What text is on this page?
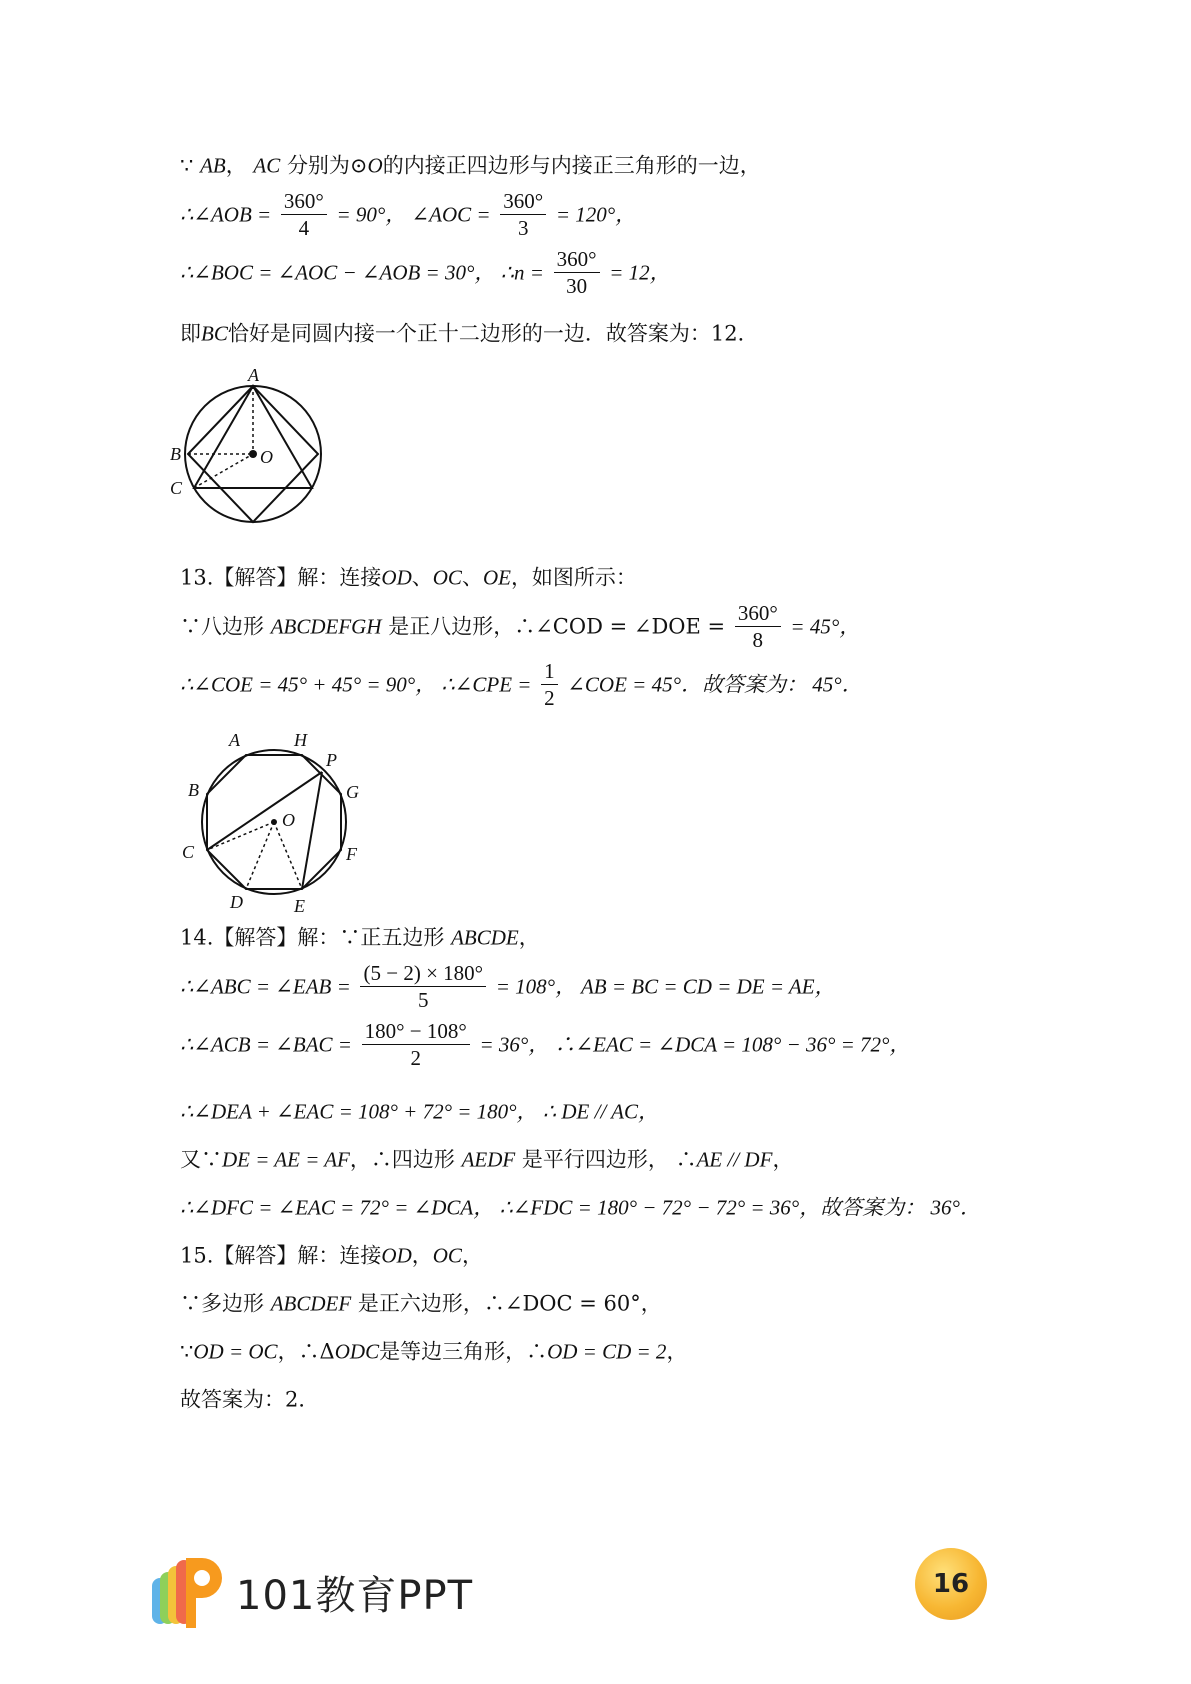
∵ AB， AC 分别为⊙O的内接正四边形与内接正三角形的一边，
∴∠AOB = $\frac{360^\circ}{4} = 90^\circ$， ∠AOC = $\frac{360^\circ}{3} = 120^\circ$，
∴∠BOC = ∠AOC − ∠AOB = 30°， ∴n = $\frac{360^\circ}{30} = 12$，
即BC恰好是同圆内接一个正十二边形的一边．故答案为：12．
A
B
C
O
13.【解答】解：连接OD、OC、OE，如图所示：
∵八边形 ABCDEFGH 是正八边形，∴∠COD = ∠DOE = $\frac{360^\circ}{8} = 45^\circ$，
∴∠COE = 45° + 45° = 90°， ∴∠CPE = $\frac{1}{2}$ ∠COE = 45°．故答案为： 45°．
A	H
P
B	G
O
C	F
D	E
14.【解答】解：∵正五边形 ABCDE，
∴∠ABC = ∠EAB = $\frac{(5 - 2) \times 180^\circ}{5} = 108^\circ$， AB = BC = CD = DE = AE，
∴∠ACB = ∠BAC = $\frac{180^\circ - 108^\circ}{2} = 36^\circ$， ∴∠EAC = ∠DCA = 108° − 36° = 72°，
∴∠DEA + ∠EAC = 108° + 72° = 180°， ∴ DE // AC，
又∵DE = AE = AF，∴四边形 AEDF 是平行四边形， ∴AE // DF，
∴∠DFC = ∠EAC = 72° = ∠DCA， ∴∠FDC = 180° − 72° − 72° = 36°，故答案为： 36°．
15.【解答】解：连接OD，OC，
∵多边形 ABCDEF 是正六边形，∴∠DOC = 60°，
∵OD = OC，∴ΔODC是等边三角形，∴OD = CD = 2，
故答案为：2．
101教育PPT	16
